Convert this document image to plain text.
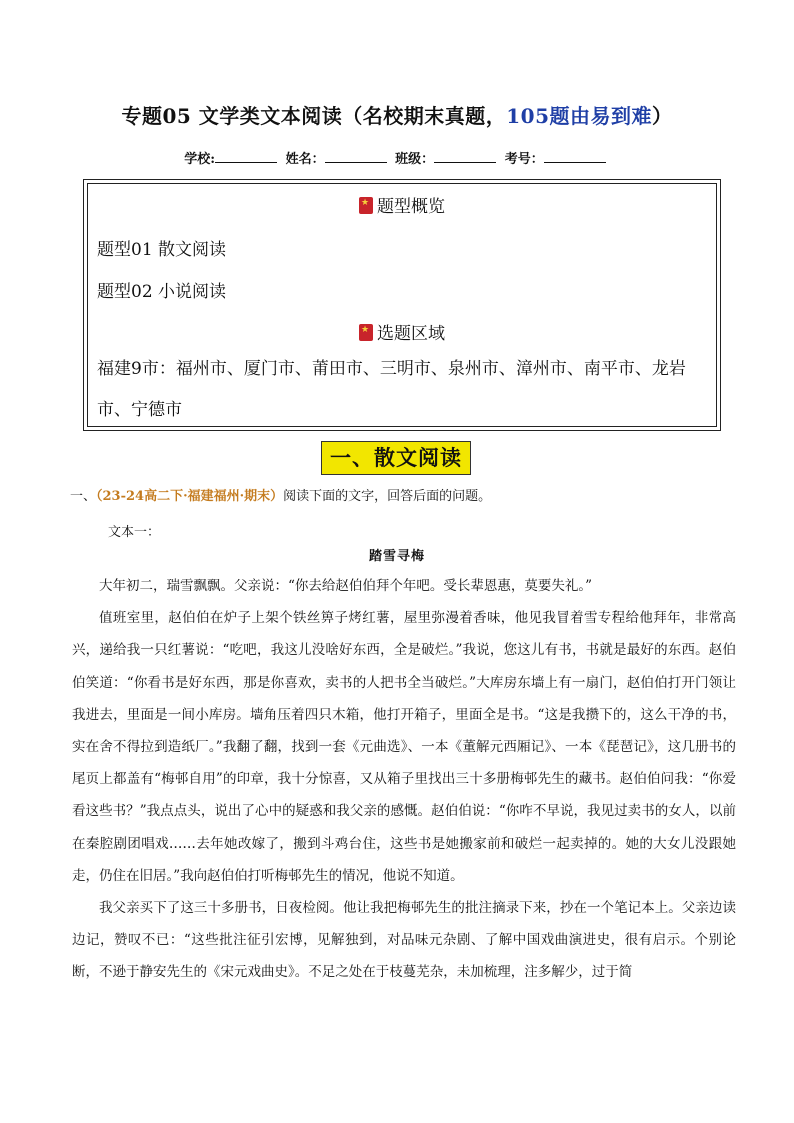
专题05 文学类文本阅读（名校期末真题，105题由易到难）
学校:	姓名：	班级：	考号：
★题型概览
题型01 散文阅读
题型02 小说阅读
★选题区域
福建9市：福州市、厦门市、莆田市、三明市、泉州市、漳州市、南平市、龙岩市、宁德市
一、散文阅读
一、（23-24高二下·福建福州·期末）阅读下面的文字，回答后面的问题。
文本一：
踏雪寻梅

大年初二，瑞雪飘飘。父亲说：“你去给赵伯伯拜个年吧。受长辈恩惠，莫要失礼。”

值班室里，赵伯伯在炉子上架个铁丝箅子烤红薯，屋里弥漫着香味，他见我冒着雪专程给他拜年，非常高兴，递给我一只红薯说：“吃吧，我这儿没啥好东西，全是破烂。”我说，您这儿有书，书就是最好的东西。赵伯伯笑道：“你看书是好东西，那是你喜欢，卖书的人把书全当破烂。”大库房东墙上有一扇门，赵伯伯打开门领让我进去，里面是一间小库房。墙角压着四只木箱，他打开箱子，里面全是书。“这是我攒下的，这么干净的书，实在舍不得拉到造纸厂。”我翻了翻，找到一套《元曲选》、一本《董解元西厢记》、一本《琵琶记》，这几册书的尾页上都盖有“梅邨自用”的印章，我十分惊喜，又从箱子里找出三十多册梅邨先生的藏书。赵伯伯问我：“你爱看这些书？”我点点头，说出了心中的疑惑和我父亲的感慨。赵伯伯说：“你咋不早说，我见过卖书的女人，以前在秦腔剧团唱戏……去年她改嫁了，搬到斗鸡台住，这些书是她搬家前和破烂一起卖掉的。她的大女儿没跟她走，仍住在旧居。”我向赵伯伯打听梅邨先生的情况，他说不知道。

我父亲买下了这三十多册书，日夜检阅。他让我把梅邨先生的批注摘录下来，抄在一个笔记本上。父亲边读边记，赞叹不已：“这些批注征引宏博，见解独到，对品味元杂剧、了解中国戏曲演进史，很有启示。个别论断，不逊于静安先生的《宋元戏曲史》。不足之处在于枝蔓芜杂，未加梳理，注多解少，过于简
